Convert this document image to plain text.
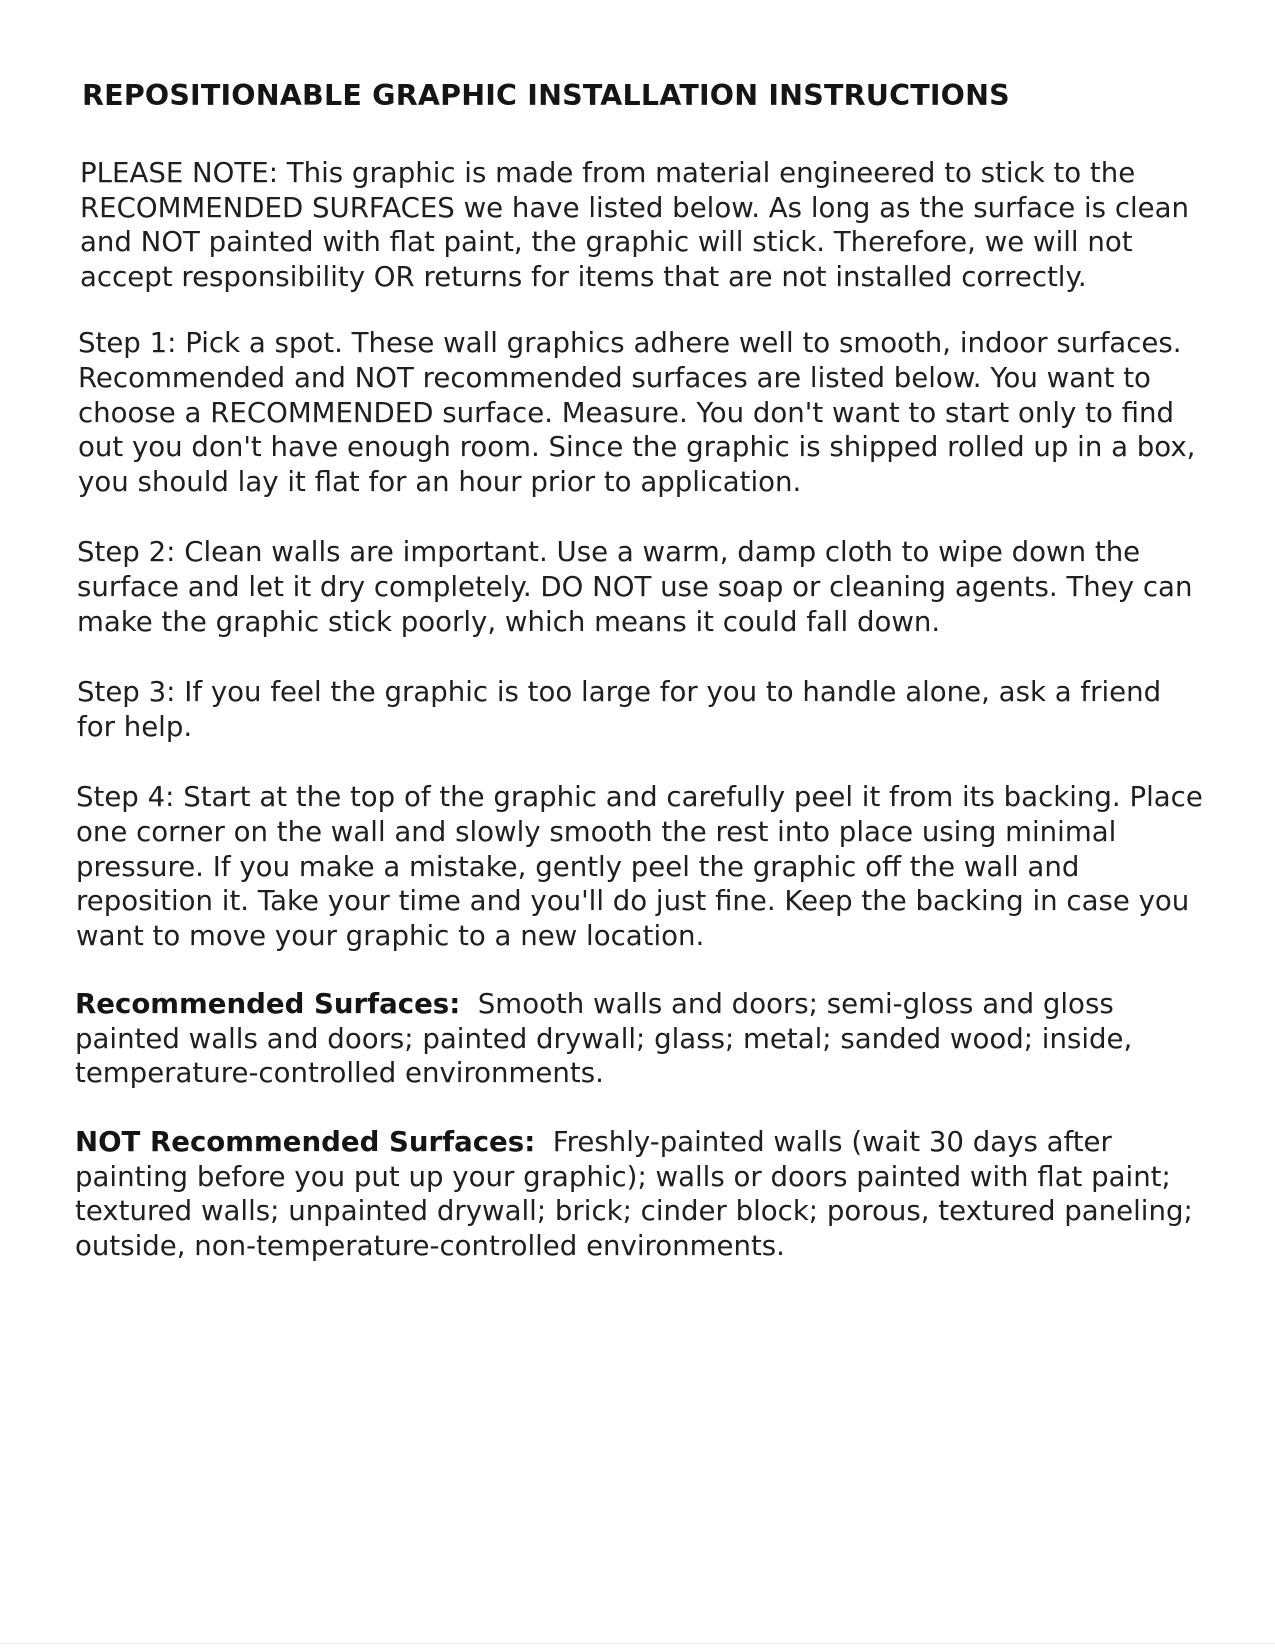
REPOSITIONABLE GRAPHIC INSTALLATION INSTRUCTIONS

PLEASE NOTE: This graphic is made from material engineered to stick to the RECOMMENDED SURFACES we have listed below. As long as the surface is clean and NOT painted with flat paint, the graphic will stick. Therefore, we will not accept responsibility OR returns for items that are not installed correctly.

Step 1: Pick a spot. These wall graphics adhere well to smooth, indoor surfaces. Recommended and NOT recommended surfaces are listed below. You want to choose a RECOMMENDED surface. Measure. You don't want to start only to find out you don't have enough room. Since the graphic is shipped rolled up in a box, you should lay it flat for an hour prior to application.

Step 2: Clean walls are important. Use a warm, damp cloth to wipe down the surface and let it dry completely. DO NOT use soap or cleaning agents. They can make the graphic stick poorly, which means it could fall down.

Step 3: If you feel the graphic is too large for you to handle alone, ask a friend for help.

Step 4: Start at the top of the graphic and carefully peel it from its backing. Place one corner on the wall and slowly smooth the rest into place using minimal pressure. If you make a mistake, gently peel the graphic off the wall and reposition it. Take your time and you'll do just fine. Keep the backing in case you want to move your graphic to a new location.

Recommended Surfaces: Smooth walls and doors; semi-gloss and gloss painted walls and doors; painted drywall; glass; metal; sanded wood; inside, temperature-controlled environments.

NOT Recommended Surfaces: Freshly-painted walls (wait 30 days after painting before you put up your graphic); walls or doors painted with flat paint; textured walls; unpainted drywall; brick; cinder block; porous, textured paneling; outside, non-temperature-controlled environments.
